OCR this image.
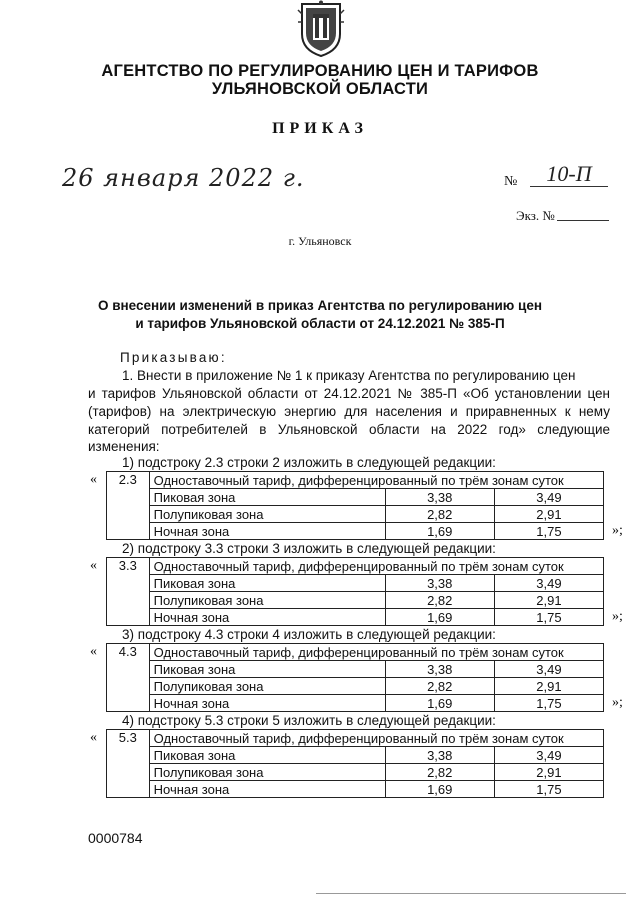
АГЕНТСТВО ПО РЕГУЛИРОВАНИЮ ЦЕН И ТАРИФОВ
УЛЬЯНОВСКОЙ ОБЛАСТИ
ПРИКАЗ
26 января 2022 г.	№	10-П
Экз. №
г. Ульяновск
О внесении изменений в приказ Агентства по регулированию цен
и тарифов Ульяновской области от 24.12.2021 № 385-П
Приказываю:
1. Внести в приложение № 1 к приказу Агентства по регулированию цен
и тарифов Ульяновской области от 24.12.2021 № 385-П «Об установлении цен
(тарифов) на электрическую энергию для населения и приравненных к нему
категорий потребителей в Ульяновской области на 2022 год» следующие
изменения:
1) подстроку 2.3 строки 2 изложить в следующей редакции:
« 2.3	Одноставочный тариф, дифференцированный по трём зонам суток		
	Пиковая зона	3,38	3,49
	Полупиковая зона	2,82	2,91
	Ночная зона	1,69	1,75	»;
2) подстроку 3.3 строки 3 изложить в следующей редакции:
« 3.3	Одноставочный тариф, дифференцированный по трём зонам суток		
	Пиковая зона	3,38	3,49
	Полупиковая зона	2,82	2,91
	Ночная зона	1,69	1,75	»;
3) подстроку 4.3 строки 4 изложить в следующей редакции:
« 4.3	Одноставочный тариф, дифференцированный по трём зонам суток		
	Пиковая зона	3,38	3,49
	Полупиковая зона	2,82	2,91
	Ночная зона	1,69	1,75	»;
4) подстроку 5.3 строки 5 изложить в следующей редакции:
« 5.3	Одноставочный тариф, дифференцированный по трём зонам суток		
	Пиковая зона	3,38	3,49
	Полупиковая зона	2,82	2,91
	Ночная зона	1,69	1,75
0000784
